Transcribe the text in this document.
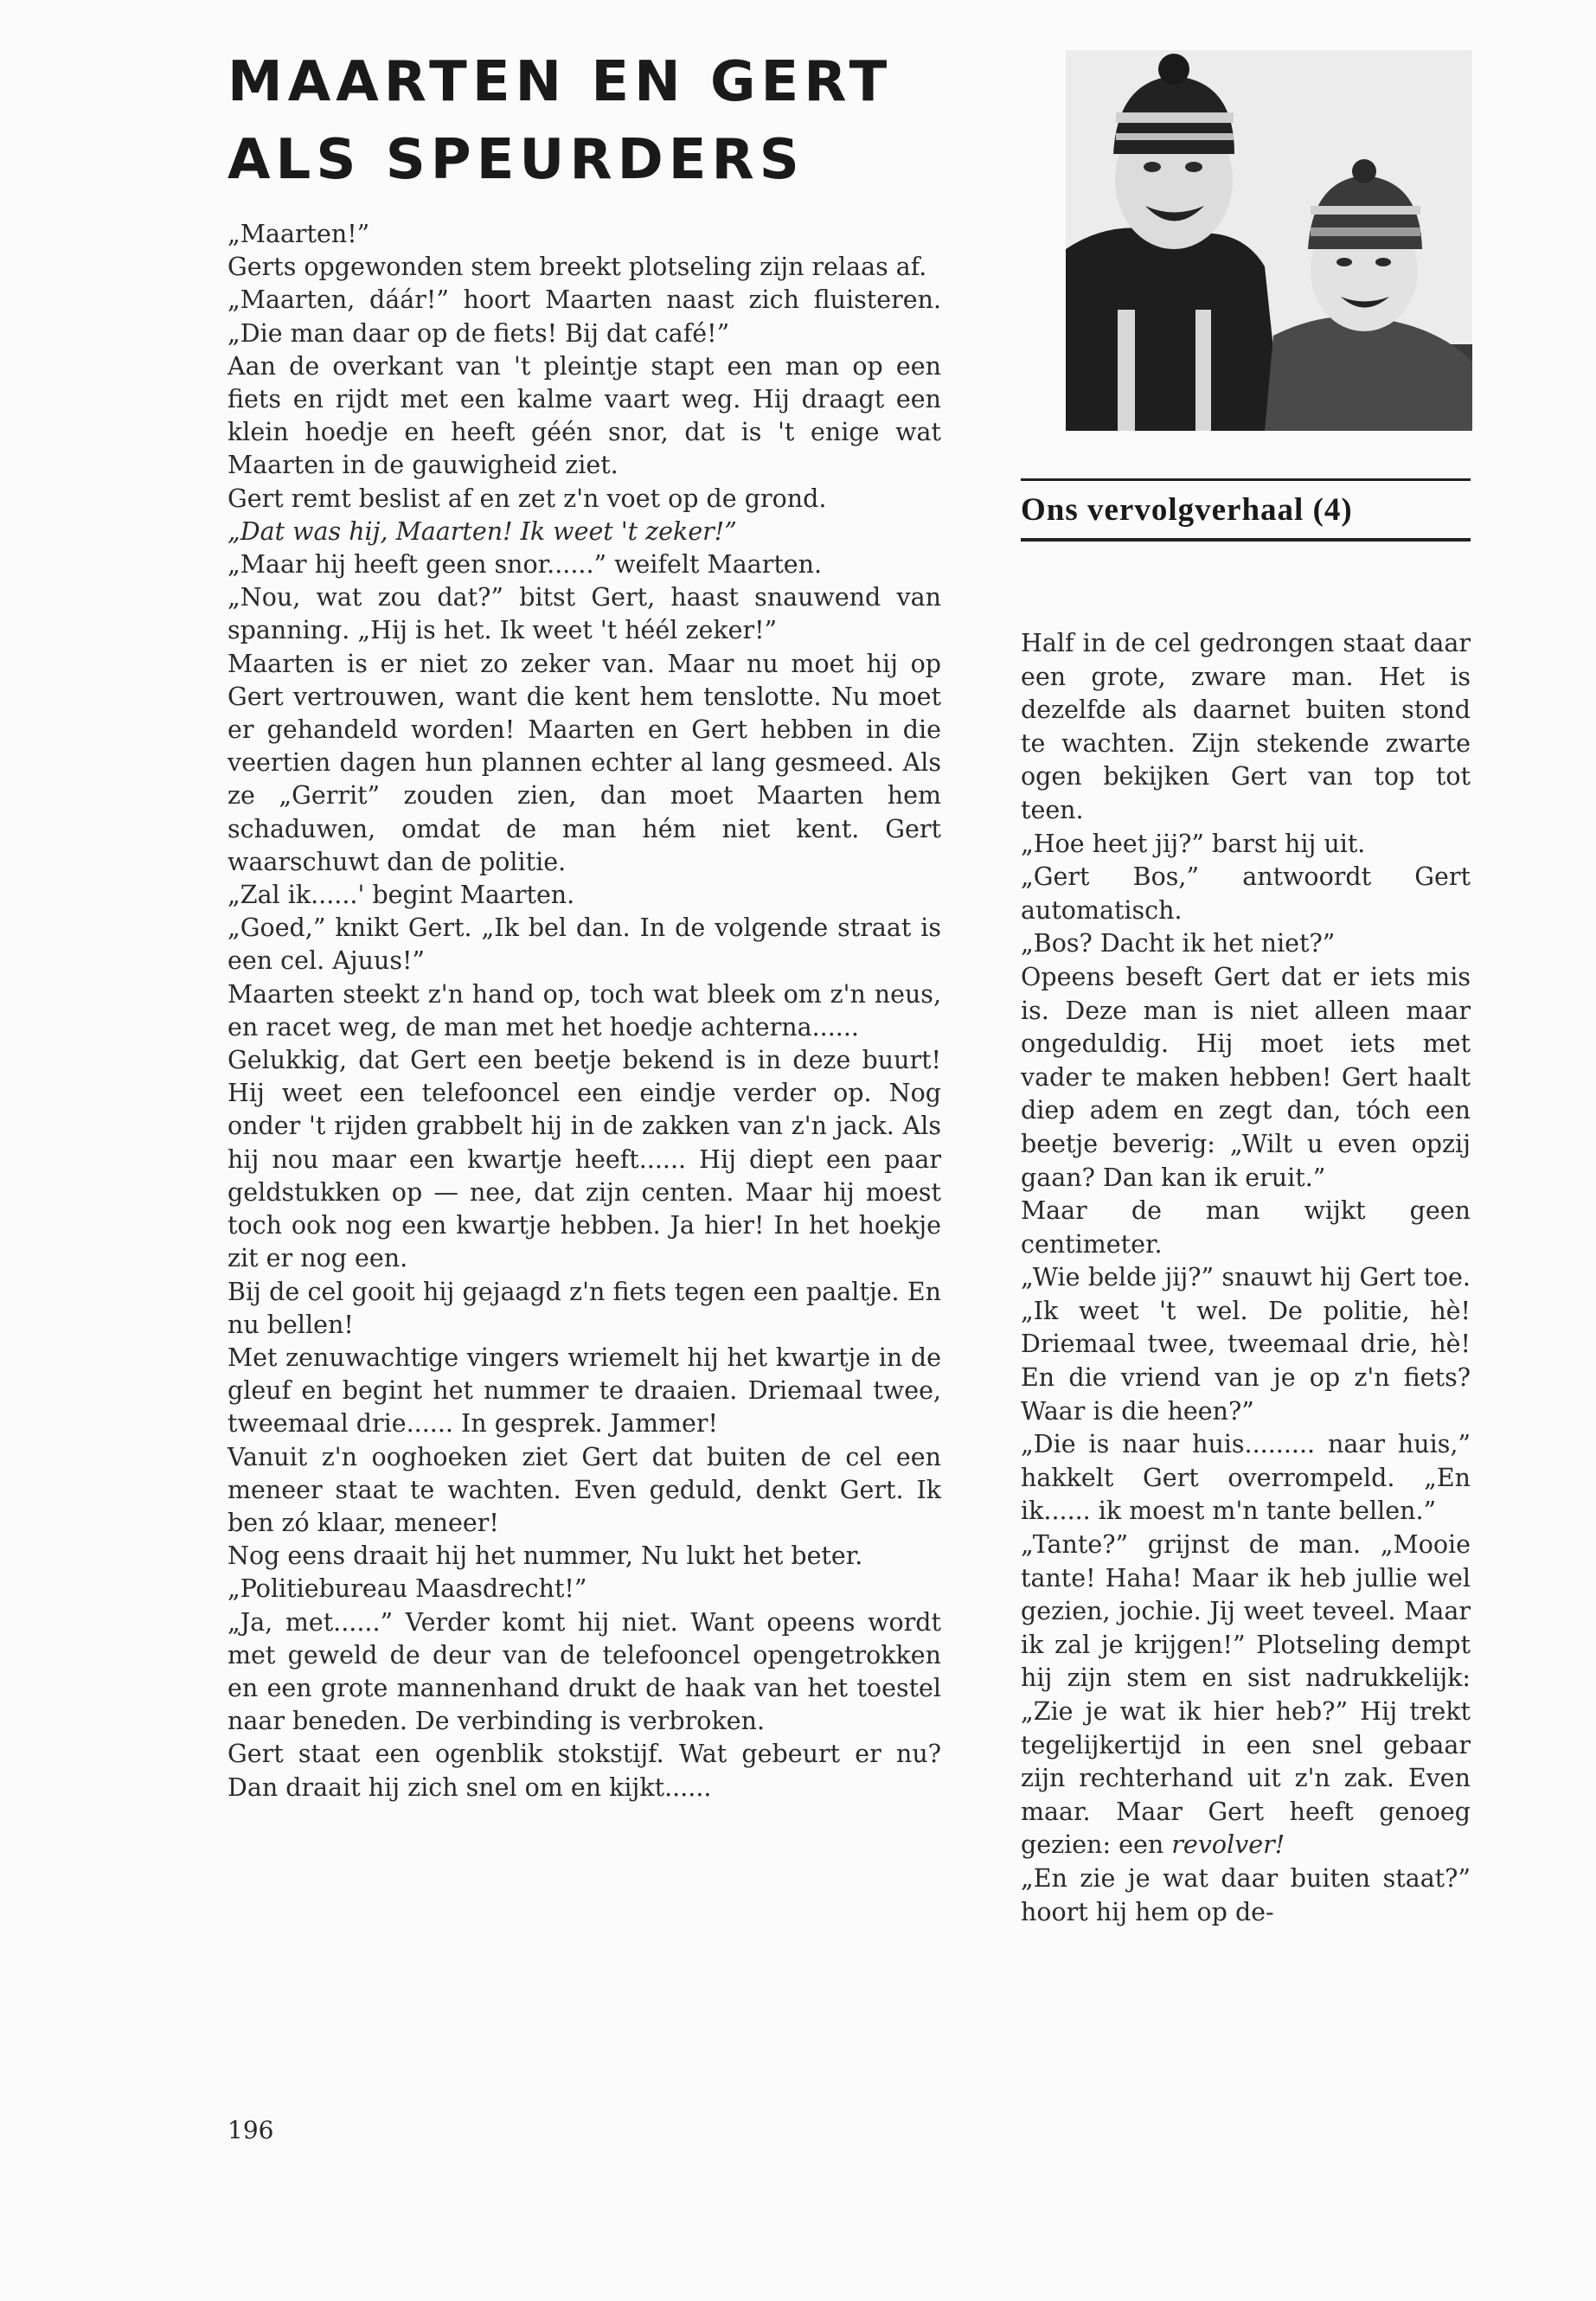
MAARTEN EN GERT
ALS SPEURDERS

„Maarten!”

Gerts opgewonden stem breekt plotseling zijn relaas af.

„Maarten, dáár!” hoort Maarten naast zich fluisteren. „Die man daar op de fiets! Bij dat café!”

Aan de overkant van 't pleintje stapt een man op een fiets en rijdt met een kalme vaart weg. Hij draagt een klein hoedje en heeft géén snor, dat is 't enige wat Maarten in de gauwigheid ziet.

Gert remt beslist af en zet z'n voet op de grond.

„Dat was hij, Maarten! Ik weet 't zeker!”

„Maar hij heeft geen snor......” weifelt Maarten.

„Nou, wat zou dat?” bitst Gert, haast snauwend van spanning. „Hij is het. Ik weet 't héél zeker!”

Maarten is er niet zo zeker van. Maar nu moet hij op Gert vertrouwen, want die kent hem tenslotte. Nu moet er gehandeld worden! Maarten en Gert hebben in die veertien dagen hun plannen echter al lang gesmeed. Als ze „Gerrit” zouden zien, dan moet Maarten hem schaduwen, omdat de man hém niet kent. Gert waarschuwt dan de politie.

„Zal ik......' begint Maarten.

„Goed,” knikt Gert. „Ik bel dan. In de volgende straat is een cel. Ajuus!”

Maarten steekt z'n hand op, toch wat bleek om z'n neus, en racet weg, de man met het hoedje achterna......

Gelukkig, dat Gert een beetje bekend is in deze buurt! Hij weet een telefooncel een eindje verder op. Nog onder 't rijden grabbelt hij in de zakken van z'n jack. Als hij nou maar een kwartje heeft...... Hij diept een paar geldstukken op — nee, dat zijn centen. Maar hij moest toch ook nog een kwartje hebben. Ja hier! In het hoekje zit er nog een.

Bij de cel gooit hij gejaagd z'n fiets tegen een paaltje. En nu bellen!

Met zenuwachtige vingers wriemelt hij het kwartje in de gleuf en begint het nummer te draaien. Driemaal twee, tweemaal drie...... In gesprek. Jammer!

Vanuit z'n ooghoeken ziet Gert dat buiten de cel een meneer staat te wachten. Even geduld, denkt Gert. Ik ben zó klaar, meneer!

Nog eens draait hij het nummer, Nu lukt het beter.

„Politiebureau Maasdrecht!”

„Ja, met......” Verder komt hij niet. Want opeens wordt met geweld de deur van de telefooncel opengetrokken en een grote mannenhand drukt de haak van het toestel naar beneden. De verbinding is verbroken.

Gert staat een ogenblik stokstijf. Wat gebeurt er nu? Dan draait hij zich snel om en kijkt......

Ons vervolgverhaal (4)

Half in de cel gedrongen staat daar een grote, zware man. Het is dezelfde als daarnet buiten stond te wachten. Zijn stekende zwarte ogen bekijken Gert van top tot teen.

„Hoe heet jij?” barst hij uit.

„Gert Bos,” antwoordt Gert automatisch.

„Bos? Dacht ik het niet?”

Opeens beseft Gert dat er iets mis is. Deze man is niet alleen maar ongeduldig. Hij moet iets met vader te maken hebben! Gert haalt diep adem en zegt dan, tóch een beetje beverig: „Wilt u even opzij gaan? Dan kan ik eruit.”

Maar de man wijkt geen centimeter.

„Wie belde jij?” snauwt hij Gert toe. „Ik weet 't wel. De politie, hè! Driemaal twee, tweemaal drie, hè! En die vriend van je op z'n fiets? Waar is die heen?”

„Die is naar huis......... naar huis,” hakkelt Gert overrompeld. „En ik...... ik moest m'n tante bellen.”

„Tante?” grijnst de man. „Mooie tante! Haha! Maar ik heb jullie wel gezien, jochie. Jij weet teveel. Maar ik zal je krijgen!” Plotseling dempt hij zijn stem en sist nadrukkelijk: „Zie je wat ik hier heb?” Hij trekt tegelijkertijd in een snel gebaar zijn rechterhand uit z'n zak. Even maar. Maar Gert heeft genoeg gezien: een revolver!

„En zie je wat daar buiten staat?” hoort hij hem op de-

196
